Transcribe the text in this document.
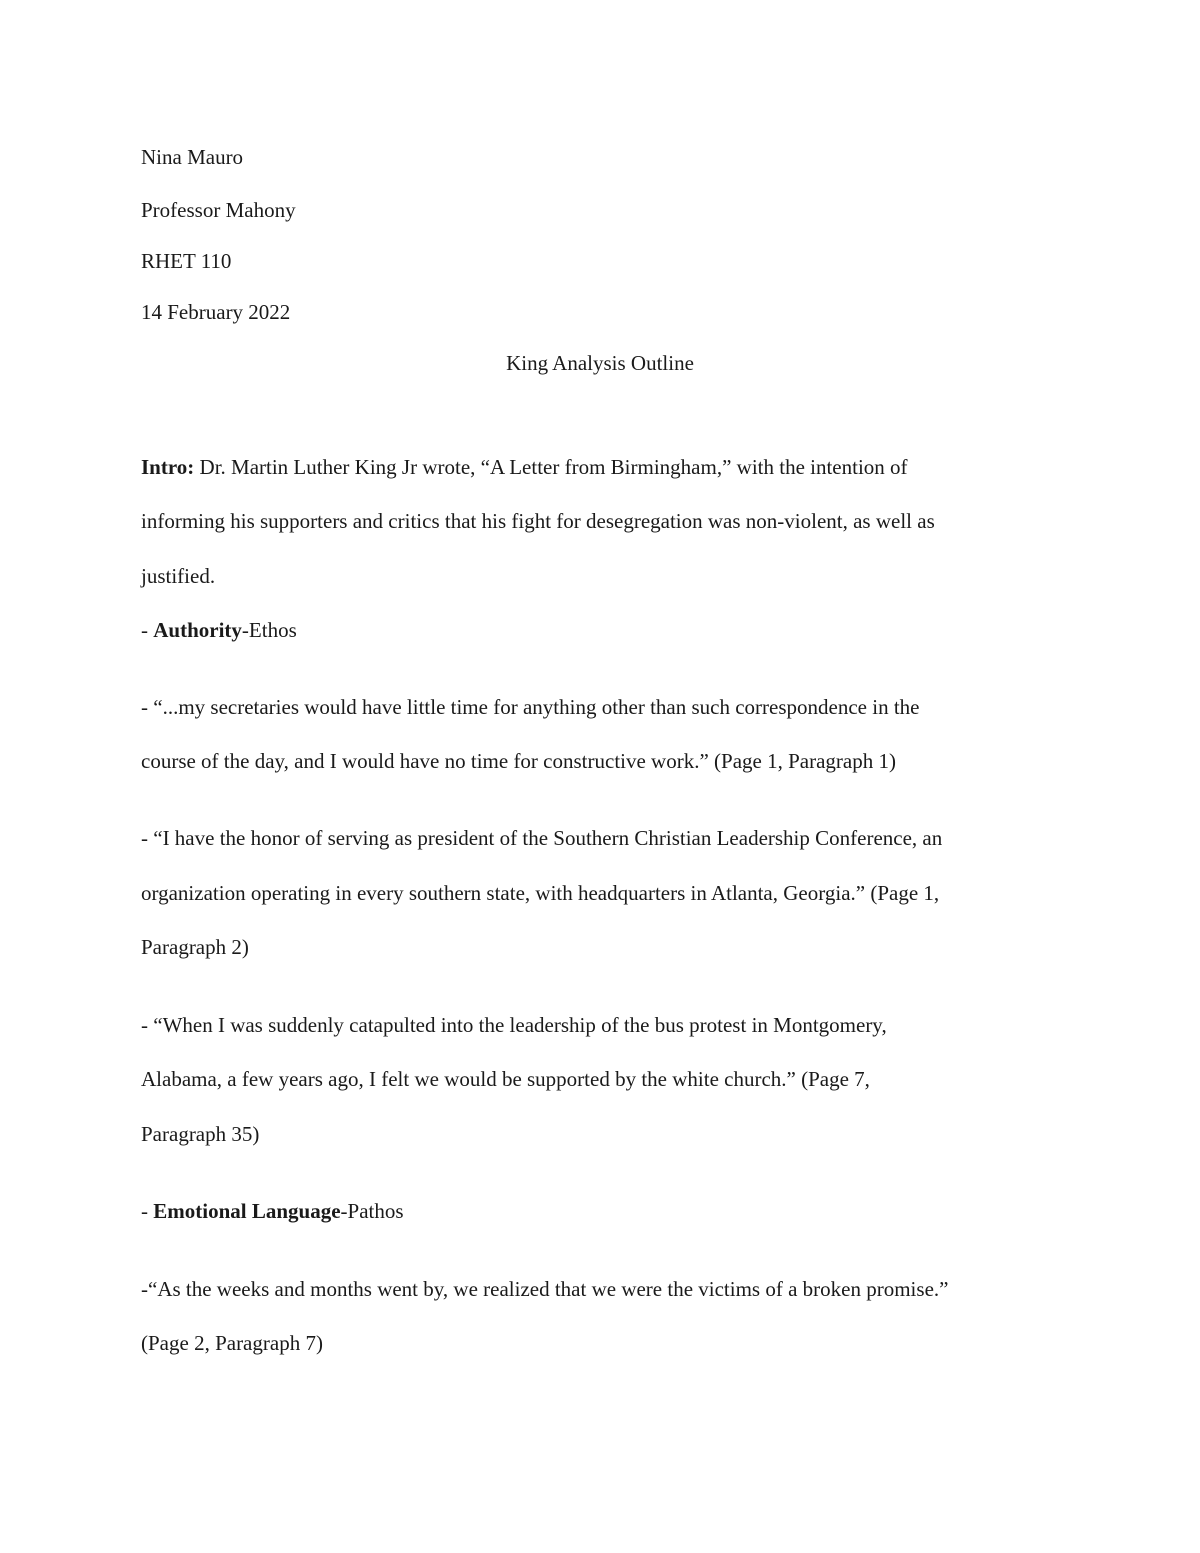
Nina Mauro
Professor Mahony
RHET 110
14 February 2022
King Analysis Outline
Intro: Dr. Martin Luther King Jr wrote, “A Letter from Birmingham,” with the intention of
informing his supporters and critics that his fight for desegregation was non-violent, as well as
justified.
- Authority-Ethos
- “...my secretaries would have little time for anything other than such correspondence in the
course of the day, and I would have no time for constructive work.” (Page 1, Paragraph 1)
- “I have the honor of serving as president of the Southern Christian Leadership Conference, an
organization operating in every southern state, with headquarters in Atlanta, Georgia.” (Page 1,
Paragraph 2)
- “When I was suddenly catapulted into the leadership of the bus protest in Montgomery,
Alabama, a few years ago, I felt we would be supported by the white church.” (Page 7,
Paragraph 35)
- Emotional Language-Pathos
-“As the weeks and months went by, we realized that we were the victims of a broken promise.”
(Page 2, Paragraph 7)
